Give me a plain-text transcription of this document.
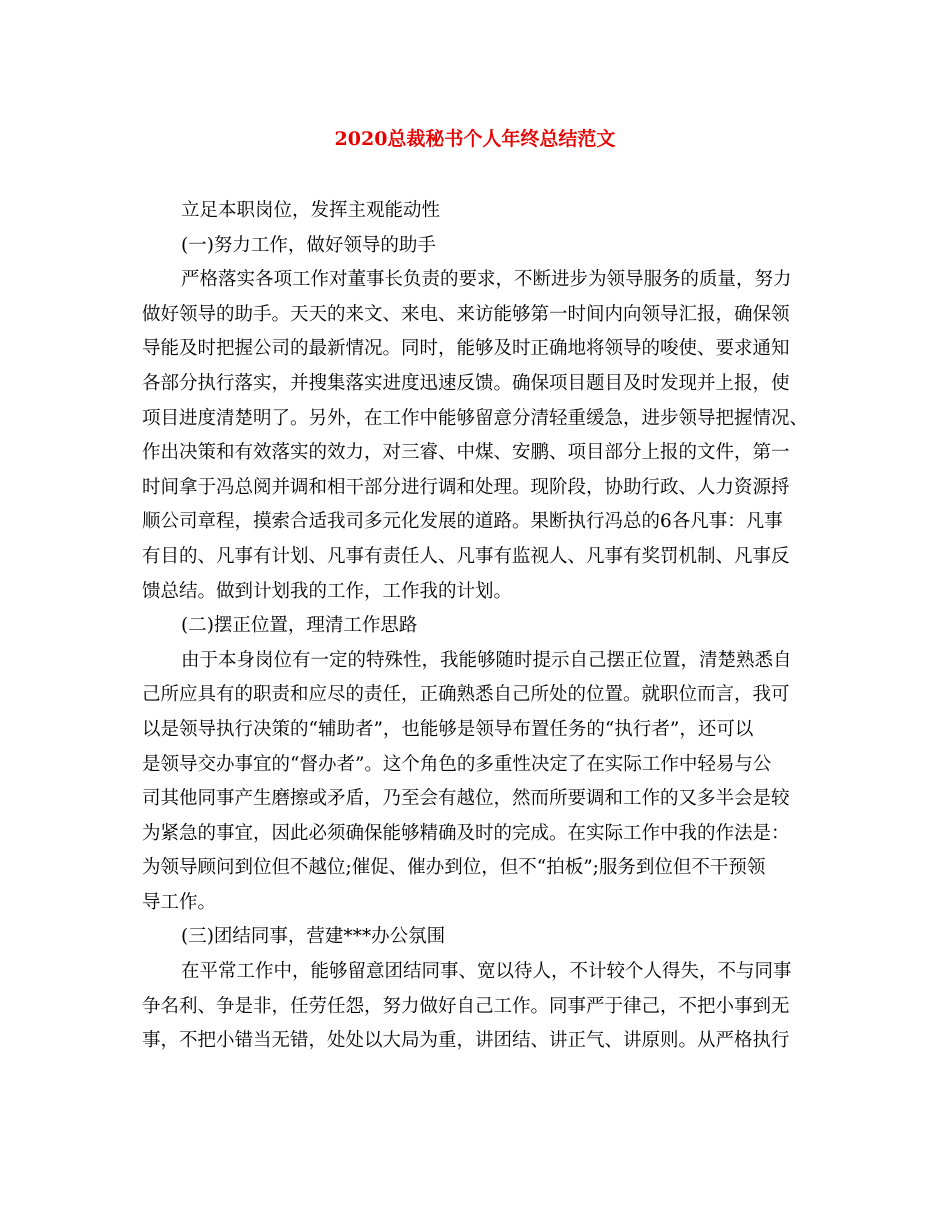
2020总裁秘书个人年终总结范文
立足本职岗位，发挥主观能动性
(一)努力工作，做好领导的助手
严格落实各项工作对董事长负责的要求，不断进步为领导服务的质量，努力
做好领导的助手。天天的来文、来电、来访能够第一时间内向领导汇报，确保领
导能及时把握公司的最新情况。同时，能够及时正确地将领导的唆使、要求通知
各部分执行落实，并搜集落实进度迅速反馈。确保项目题目及时发现并上报，使
项目进度清楚明了。另外，在工作中能够留意分清轻重缓急，进步领导把握情况、
作出决策和有效落实的效力，对三睿、中煤、安鹏、项目部分上报的文件，第一
时间拿于冯总阅并调和相干部分进行调和处理。现阶段，协助行政、人力资源捋
顺公司章程，摸索合适我司多元化发展的道路。果断执行冯总的6各凡事：凡事
有目的、凡事有计划、凡事有责任人、凡事有监视人、凡事有奖罚机制、凡事反
馈总结。做到计划我的工作，工作我的计划。
(二)摆正位置，理清工作思路
由于本身岗位有一定的特殊性，我能够随时提示自己摆正位置，清楚熟悉自
己所应具有的职责和应尽的责任，正确熟悉自己所处的位置。就职位而言，我可
以是领导执行决策的“辅助者”，也能够是领导布置任务的“执行者”，还可以
是领导交办事宜的“督办者”。这个角色的多重性决定了在实际工作中轻易与公
司其他同事产生磨擦或矛盾，乃至会有越位，然而所要调和工作的又多半会是较
为紧急的事宜，因此必须确保能够精确及时的完成。在实际工作中我的作法是：
为领导顾问到位但不越位;催促、催办到位，但不“拍板”;服务到位但不干预领
导工作。
(三)团结同事，营建***办公氛围
在平常工作中，能够留意团结同事、宽以待人，不计较个人得失，不与同事
争名利、争是非，任劳任怨，努力做好自己工作。同事严于律己，不把小事到无
事，不把小错当无错，处处以大局为重，讲团结、讲正气、讲原则。从严格执行
